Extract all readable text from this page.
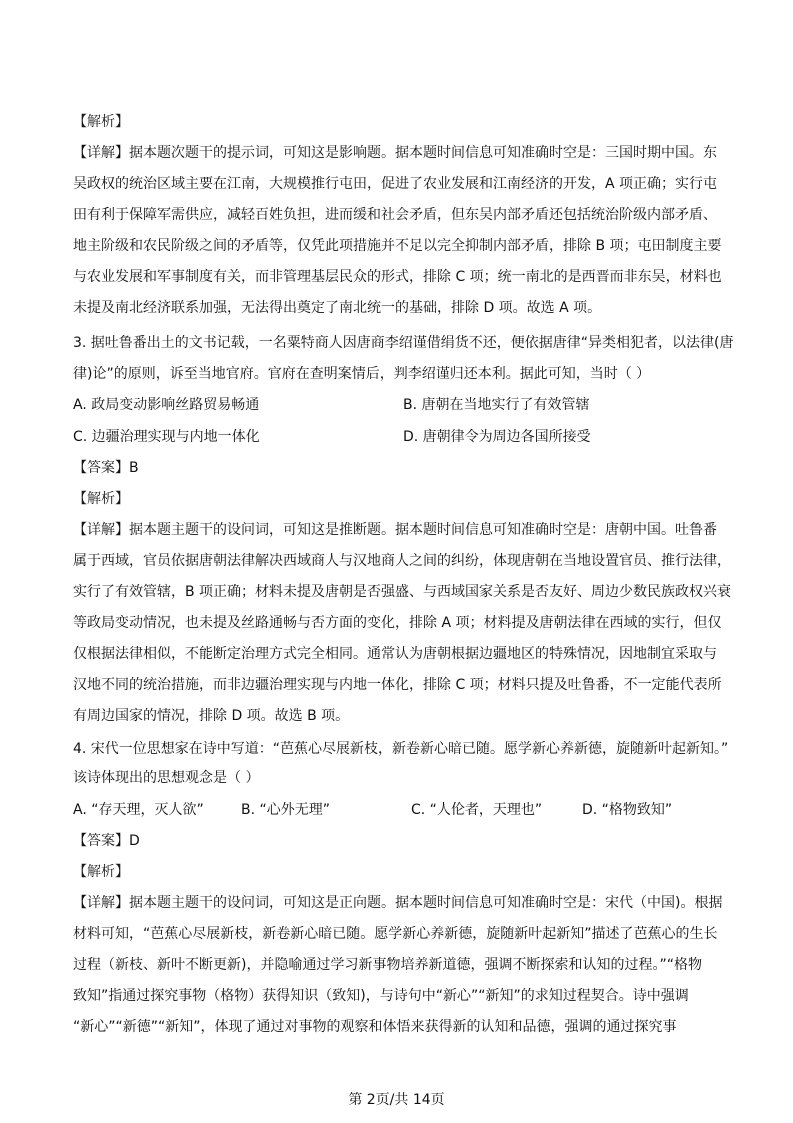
【解析】
【详解】据本题次题干的提示词，可知这是影响题。据本题时间信息可知准确时空是：三国时期中国。东
吴政权的统治区域主要在江南，大规模推行屯田，促进了农业发展和江南经济的开发，A 项正确；实行屯
田有利于保障军需供应，减轻百姓负担，进而缓和社会矛盾，但东吴内部矛盾还包括统治阶级内部矛盾、
地主阶级和农民阶级之间的矛盾等，仅凭此项措施并不足以完全抑制内部矛盾，排除 B 项；屯田制度主要
与农业发展和军事制度有关，而非管理基层民众的形式，排除 C 项；统一南北的是西晋而非东吴，材料也
未提及南北经济联系加强，无法得出奠定了南北统一的基础，排除 D 项。故选 A 项。
3. 据吐鲁番出土的文书记载，一名粟特商人因唐商李绍谨借绢货不还，便依据唐律“异类相犯者，以法律(唐
律)论”的原则，诉至当地官府。官府在查明案情后，判李绍谨归还本利。据此可知，当时（ ）
A. 政局变动影响丝路贸易畅通	B. 唐朝在当地实行了有效管辖
C. 边疆治理实现与内地一体化	D. 唐朝律令为周边各国所接受
【答案】B
【解析】
【详解】据本题主题干的设问词，可知这是推断题。据本题时间信息可知准确时空是：唐朝中国。吐鲁番
属于西域，官员依据唐朝法律解决西域商人与汉地商人之间的纠纷，体现唐朝在当地设置官员、推行法律，
实行了有效管辖，B 项正确；材料未提及唐朝是否强盛、与西域国家关系是否友好、周边少数民族政权兴衰
等政局变动情况，也未提及丝路通畅与否方面的变化，排除 A 项；材料提及唐朝法律在西域的实行，但仅
仅根据法律相似，不能断定治理方式完全相同。通常认为唐朝根据边疆地区的特殊情况，因地制宜采取与
汉地不同的统治措施，而非边疆治理实现与内地一体化，排除 C 项；材料只提及吐鲁番，不一定能代表所
有周边国家的情况，排除 D 项。故选 B 项。
4. 宋代一位思想家在诗中写道：“芭蕉心尽展新枝，新卷新心暗已随。愿学新心养新德，旋随新叶起新知。”
该诗体现出的思想观念是（ ）
A. “存天理，灭人欲”	B. “心外无理”	C. “人伦者，天理也”	D. “格物致知”
【答案】D
【解析】
【详解】据本题主题干的设问词，可知这是正向题。据本题时间信息可知准确时空是：宋代（中国)。根据
材料可知，“芭蕉心尽展新枝，新卷新心暗已随。愿学新心养新德，旋随新叶起新知”描述了芭蕉心的生长
过程（新枝、新叶不断更新)，并隐喻通过学习新事物培养新道德，强调不断探索和认知的过程。”“格物
致知”指通过探究事物（格物）获得知识（致知)，与诗句中“新心”“新知”的求知过程契合。诗中强调
“新心”“新德”“新知”，体现了通过对事物的观察和体悟来获得新的认知和品德，强调的通过探究事
第 2页/共 14页
